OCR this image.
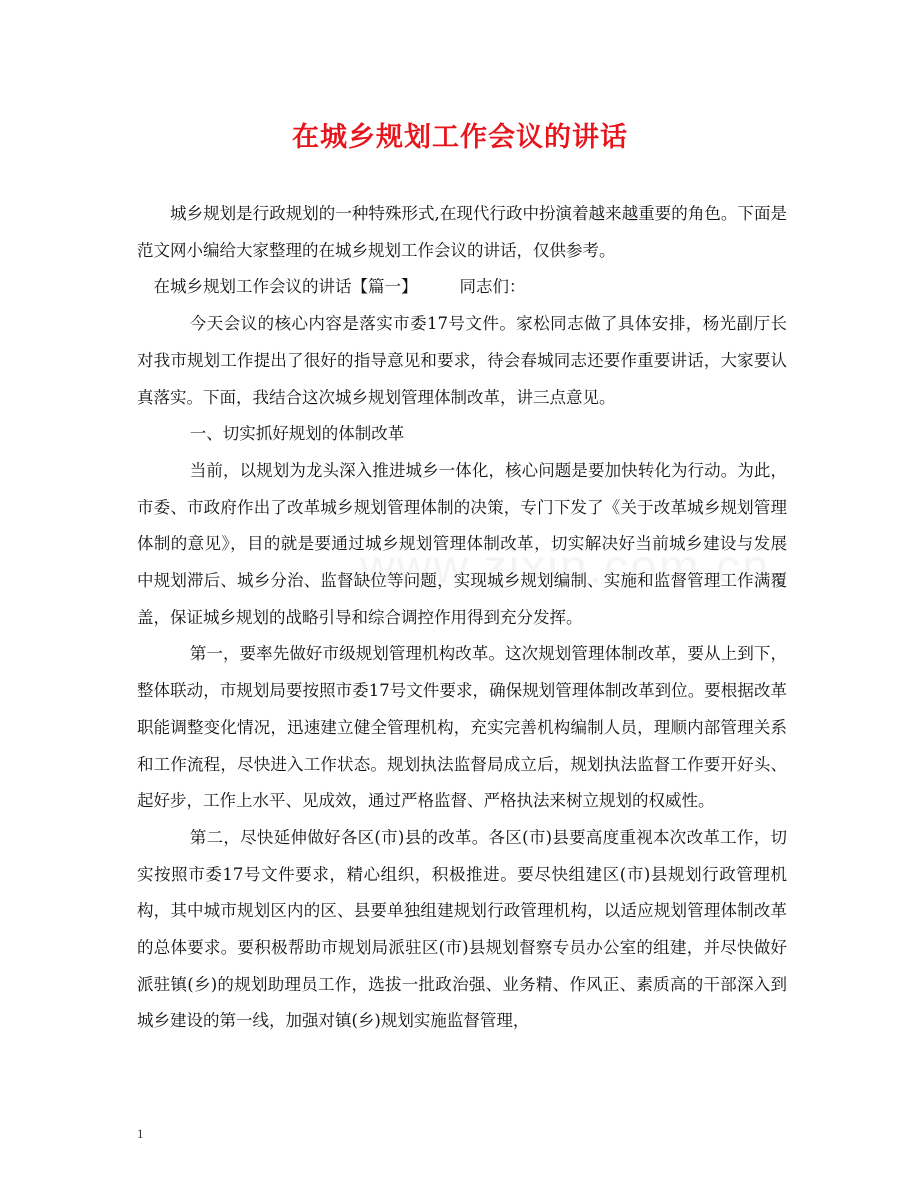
在城乡规划工作会议的讲话

城乡规划是行政规划的一种特殊形式,在现代行政中扮演着越来越重要的角色。下面是范文网小编给大家整理的在城乡规划工作会议的讲话，仅供参考。

在城乡规划工作会议的讲话【篇一】        同志们：

今天会议的核心内容是落实市委17号文件。家松同志做了具体安排，杨光副厅长对我市规划工作提出了很好的指导意见和要求，待会春城同志还要作重要讲话，大家要认真落实。下面，我结合这次城乡规划管理体制改革，讲三点意见。

一、切实抓好规划的体制改革

当前，以规划为龙头深入推进城乡一体化，核心问题是要加快转化为行动。为此，市委、市政府作出了改革城乡规划管理体制的决策，专门下发了《关于改革城乡规划管理体制的意见》，目的就是要通过城乡规划管理体制改革，切实解决好当前城乡建设与发展中规划滞后、城乡分治、监督缺位等问题，实现城乡规划编制、实施和监督管理工作满覆盖，保证城乡规划的战略引导和综合调控作用得到充分发挥。

第一，要率先做好市级规划管理机构改革。这次规划管理体制改革，要从上到下，整体联动，市规划局要按照市委17号文件要求，确保规划管理体制改革到位。要根据改革职能调整变化情况，迅速建立健全管理机构，充实完善机构编制人员，理顺内部管理关系和工作流程，尽快进入工作状态。规划执法监督局成立后，规划执法监督工作要开好头、起好步，工作上水平、见成效，通过严格监督、严格执法来树立规划的权威性。

第二，尽快延伸做好各区(市)县的改革。各区(市)县要高度重视本次改革工作，切实按照市委17号文件要求，精心组织，积极推进。要尽快组建区(市)县规划行政管理机构，其中城市规划区内的区、县要单独组建规划行政管理机构，以适应规划管理体制改革的总体要求。要积极帮助市规划局派驻区(市)县规划督察专员办公室的组建，并尽快做好派驻镇(乡)的规划助理员工作，选拔一批政治强、业务精、作风正、素质高的干部深入到城乡建设的第一线，加强对镇(乡)规划实施监督管理，

1
